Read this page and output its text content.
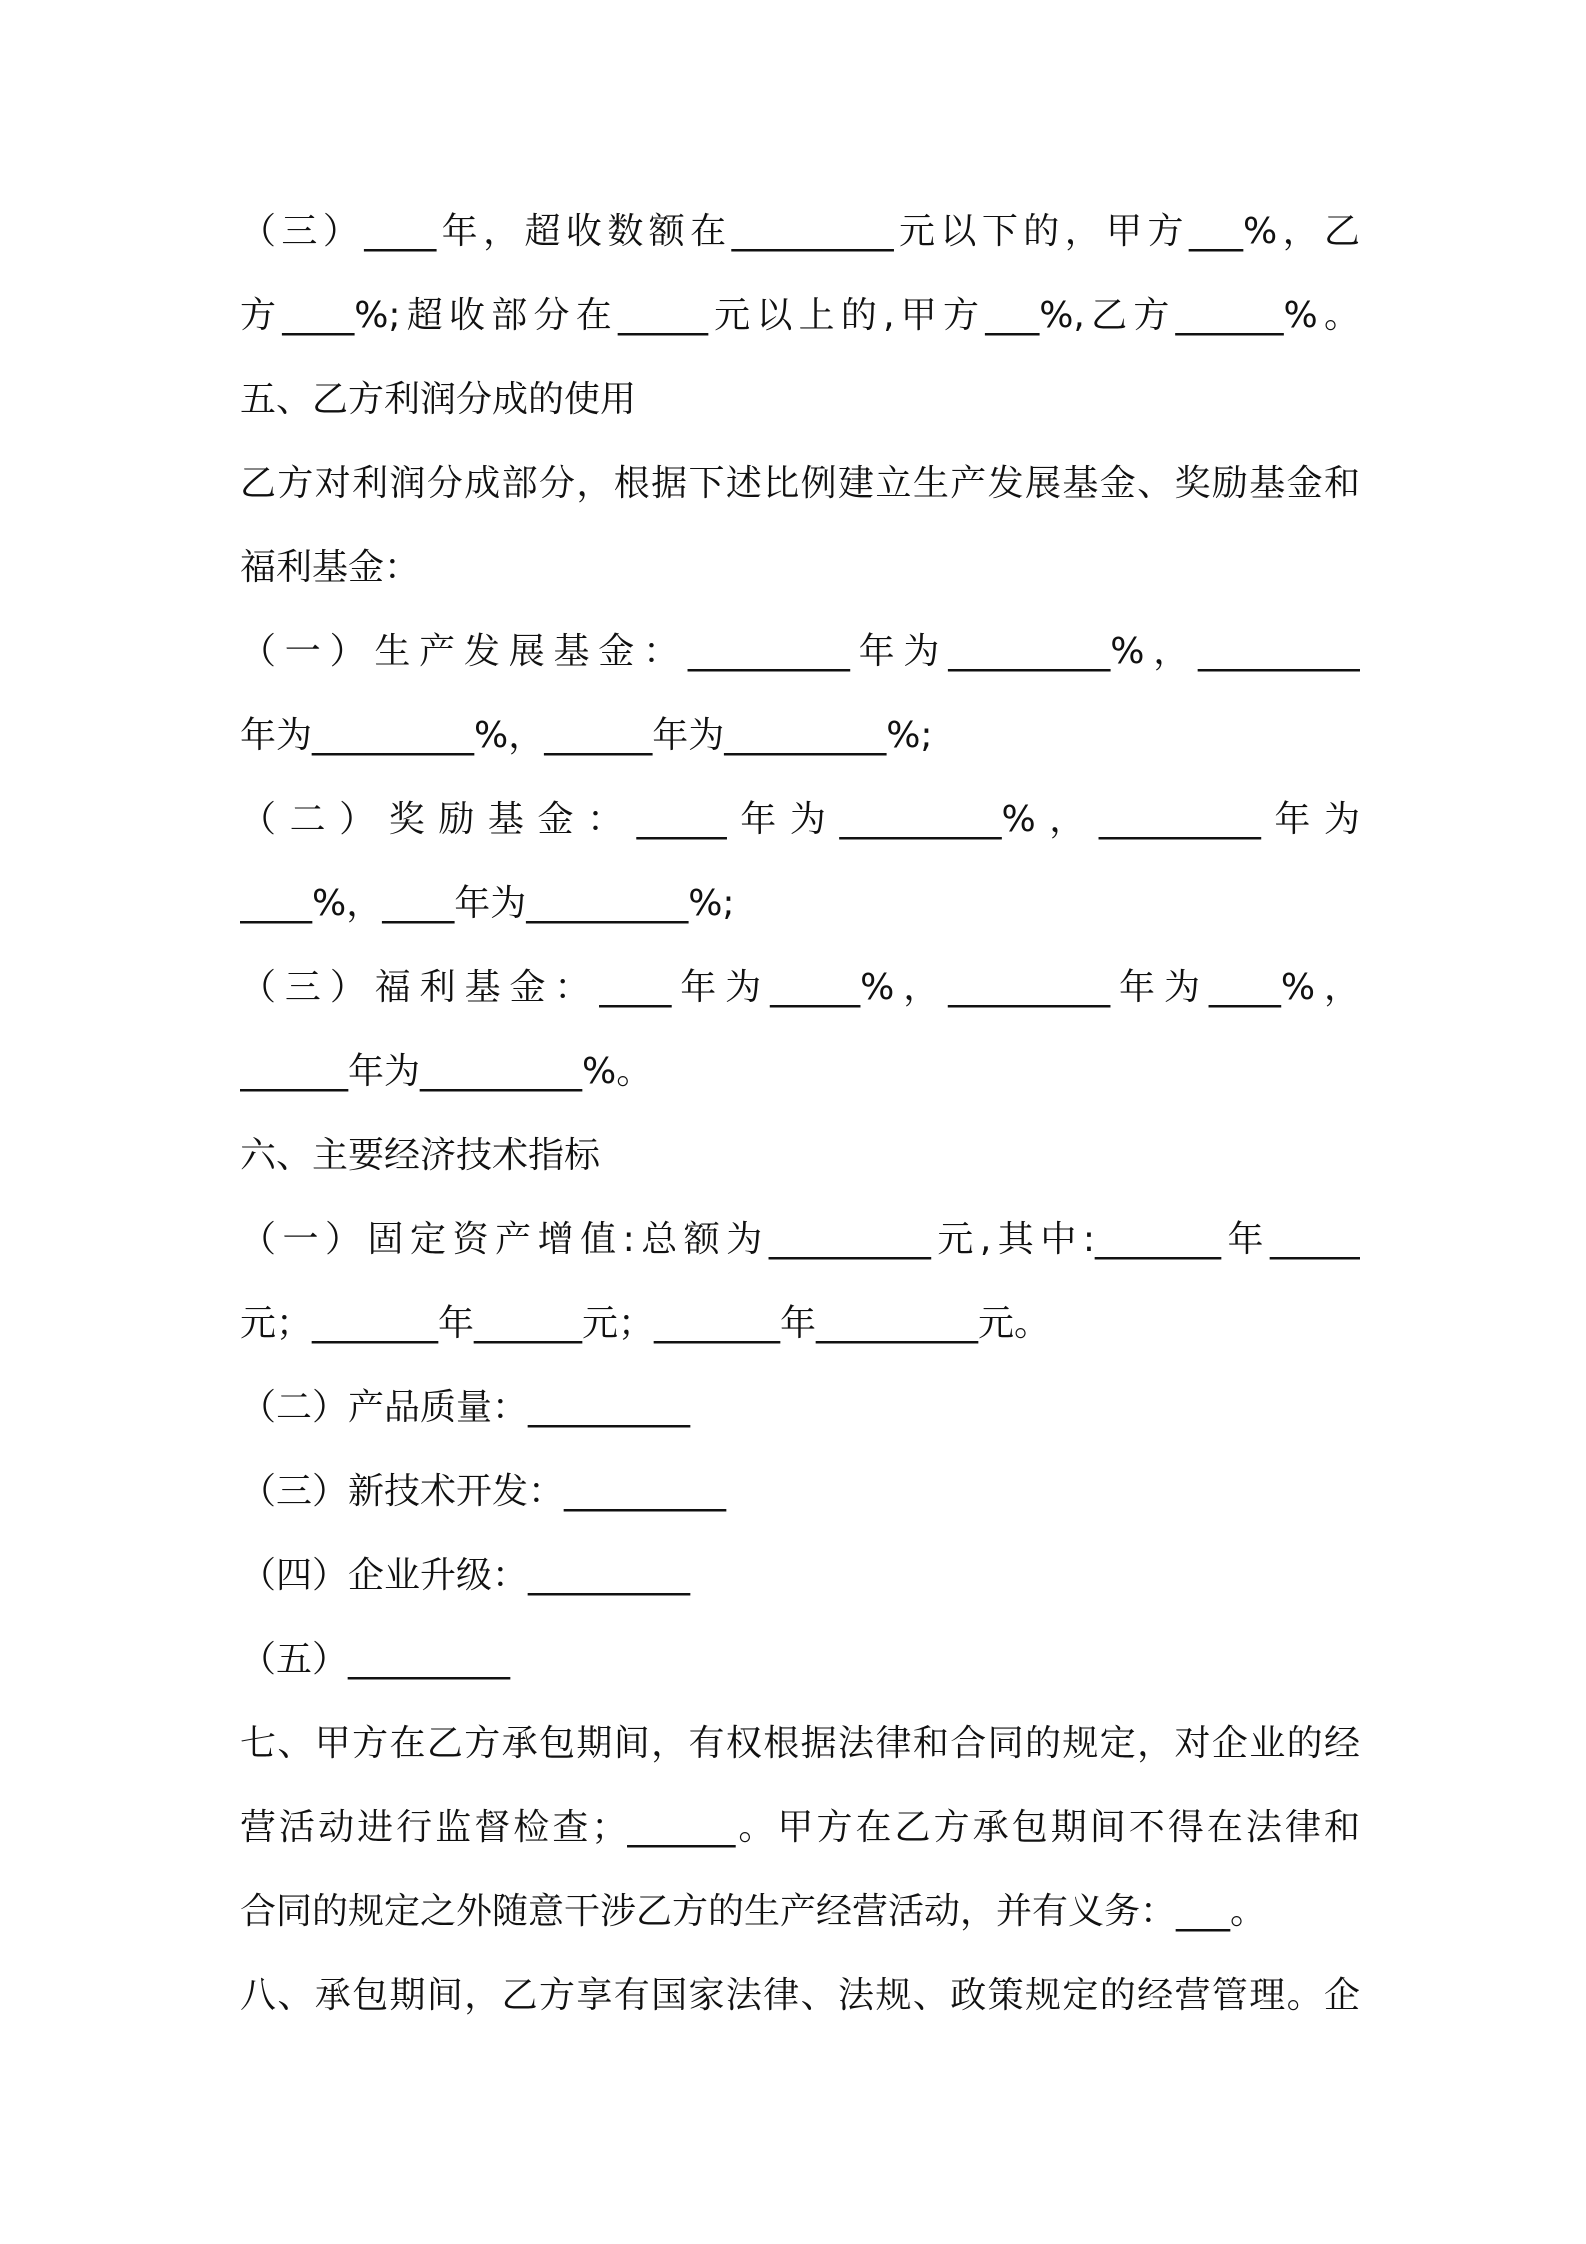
（三）____年，超收数额在_________元以下的，甲方___%，乙
方____%;超收部分在_____元以上的,甲方___%,乙方______%。
五、乙方利润分成的使用
乙方对利润分成部分，根据下述比例建立生产发展基金、奖励基金和
福利基金：
（一）生产发展基金：_________年为_________%，_________
年为_________%，______年为_________%;
（二）奖励基金：_____年为_________%，_________年为
____%，____年为_________%;
（三）福利基金：____年为_____%，_________年为____%，
______年为_________%。
六、主要经济技术指标
（一）固定资产增值:总额为_________元,其中:_______年_____
元；_______年______元；_______年_________元。
（二）产品质量：_________
（三）新技术开发：_________
（四）企业升级：_________
（五）_________
七、甲方在乙方承包期间，有权根据法律和合同的规定，对企业的经
营活动进行监督检查；______。甲方在乙方承包期间不得在法律和
合同的规定之外随意干涉乙方的生产经营活动，并有义务：___。
八、承包期间，乙方享有国家法律、法规、政策规定的经营管理。企
